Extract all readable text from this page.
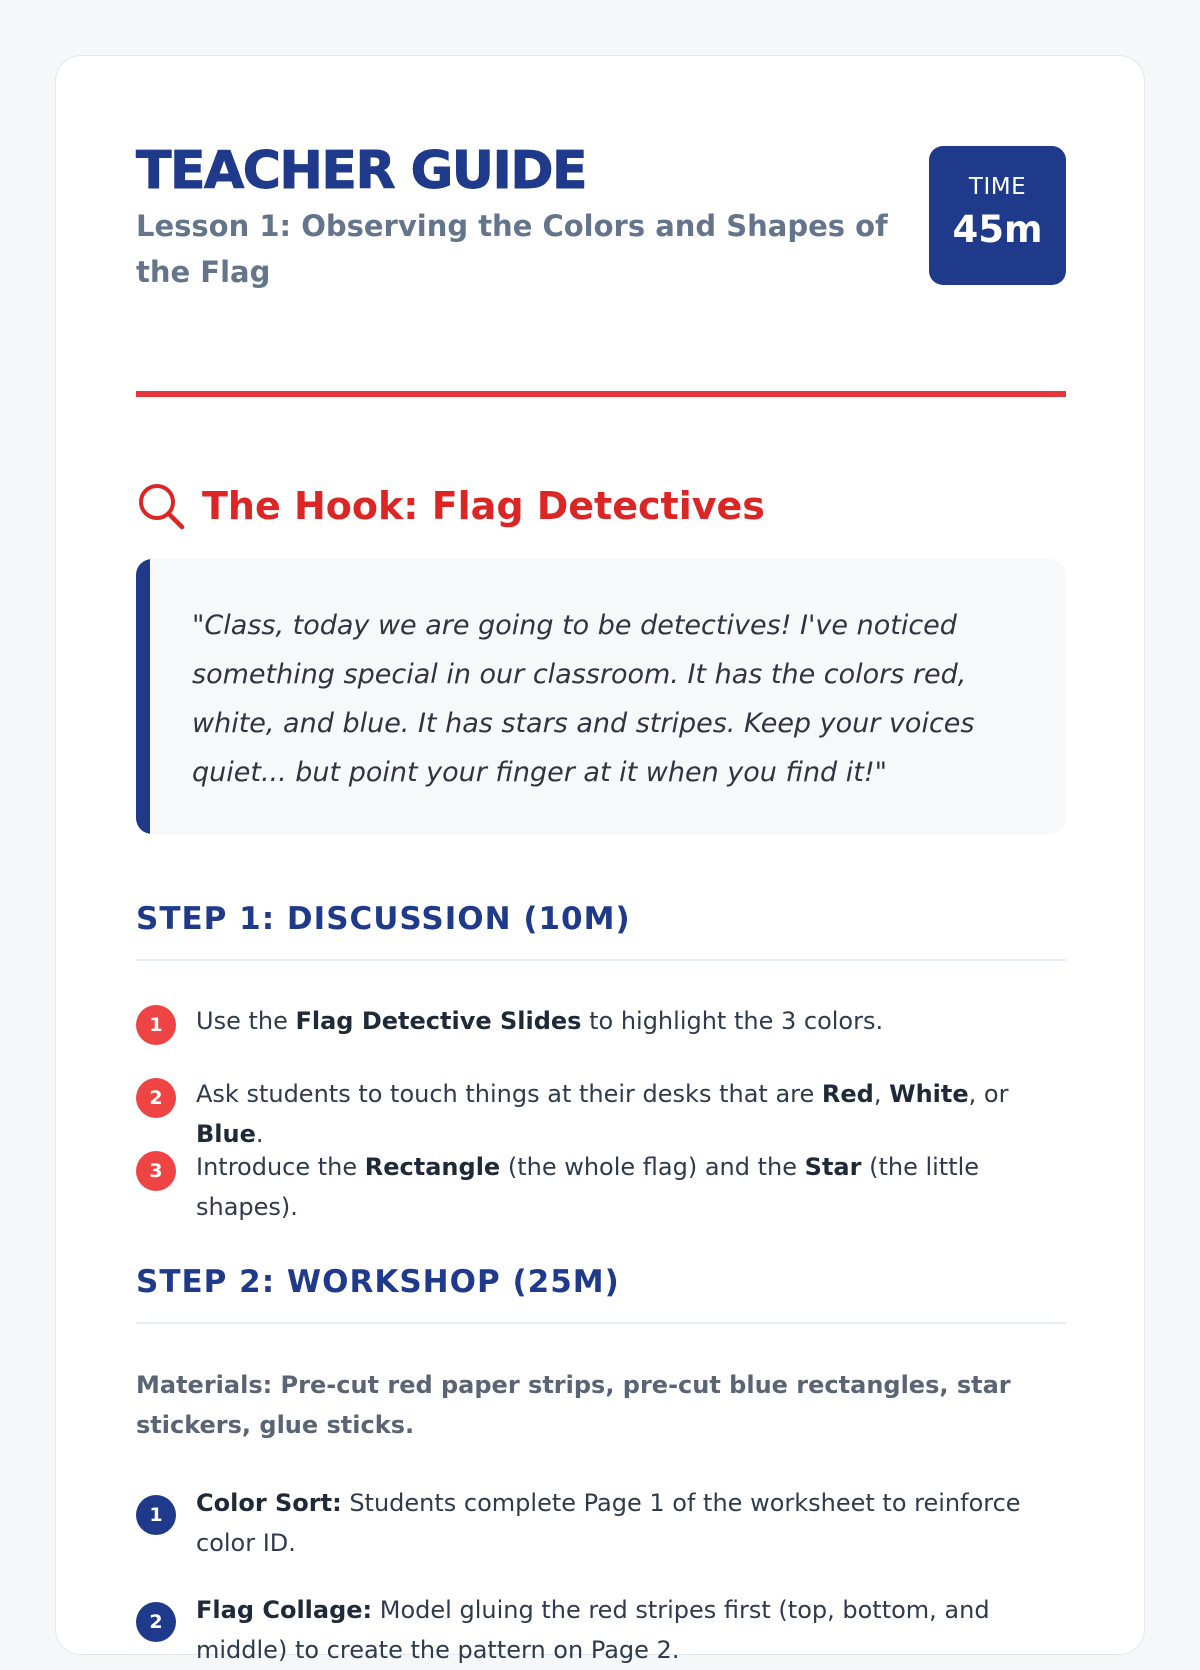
TEACHER GUIDE

Lesson 1: Observing the Colors and Shapes of the Flag

TIME
45m
The Hook: Flag Detectives

"Class, today we are going to be detectives! I've noticed something special in our classroom. It has the colors red, white, and blue. It has stars and stripes. Keep your voices quiet... but point your finger at it when you find it!"

STEP 1: DISCUSSION (10M)
1	Use the Flag Detective Slides to highlight the 3 colors.
2	Ask students to touch things at their desks that are Red, White, or Blue.
3	Introduce the Rectangle (the whole flag) and the Star (the little shapes).
STEP 2: WORKSHOP (25M)

Materials: Pre-cut red paper strips, pre-cut blue rectangles, star stickers, glue sticks.

1	Color Sort: Students complete Page 1 of the worksheet to reinforce color ID.
2	Flag Collage: Model gluing the red stripes first (top, bottom, and middle) to create the pattern on Page 2.
